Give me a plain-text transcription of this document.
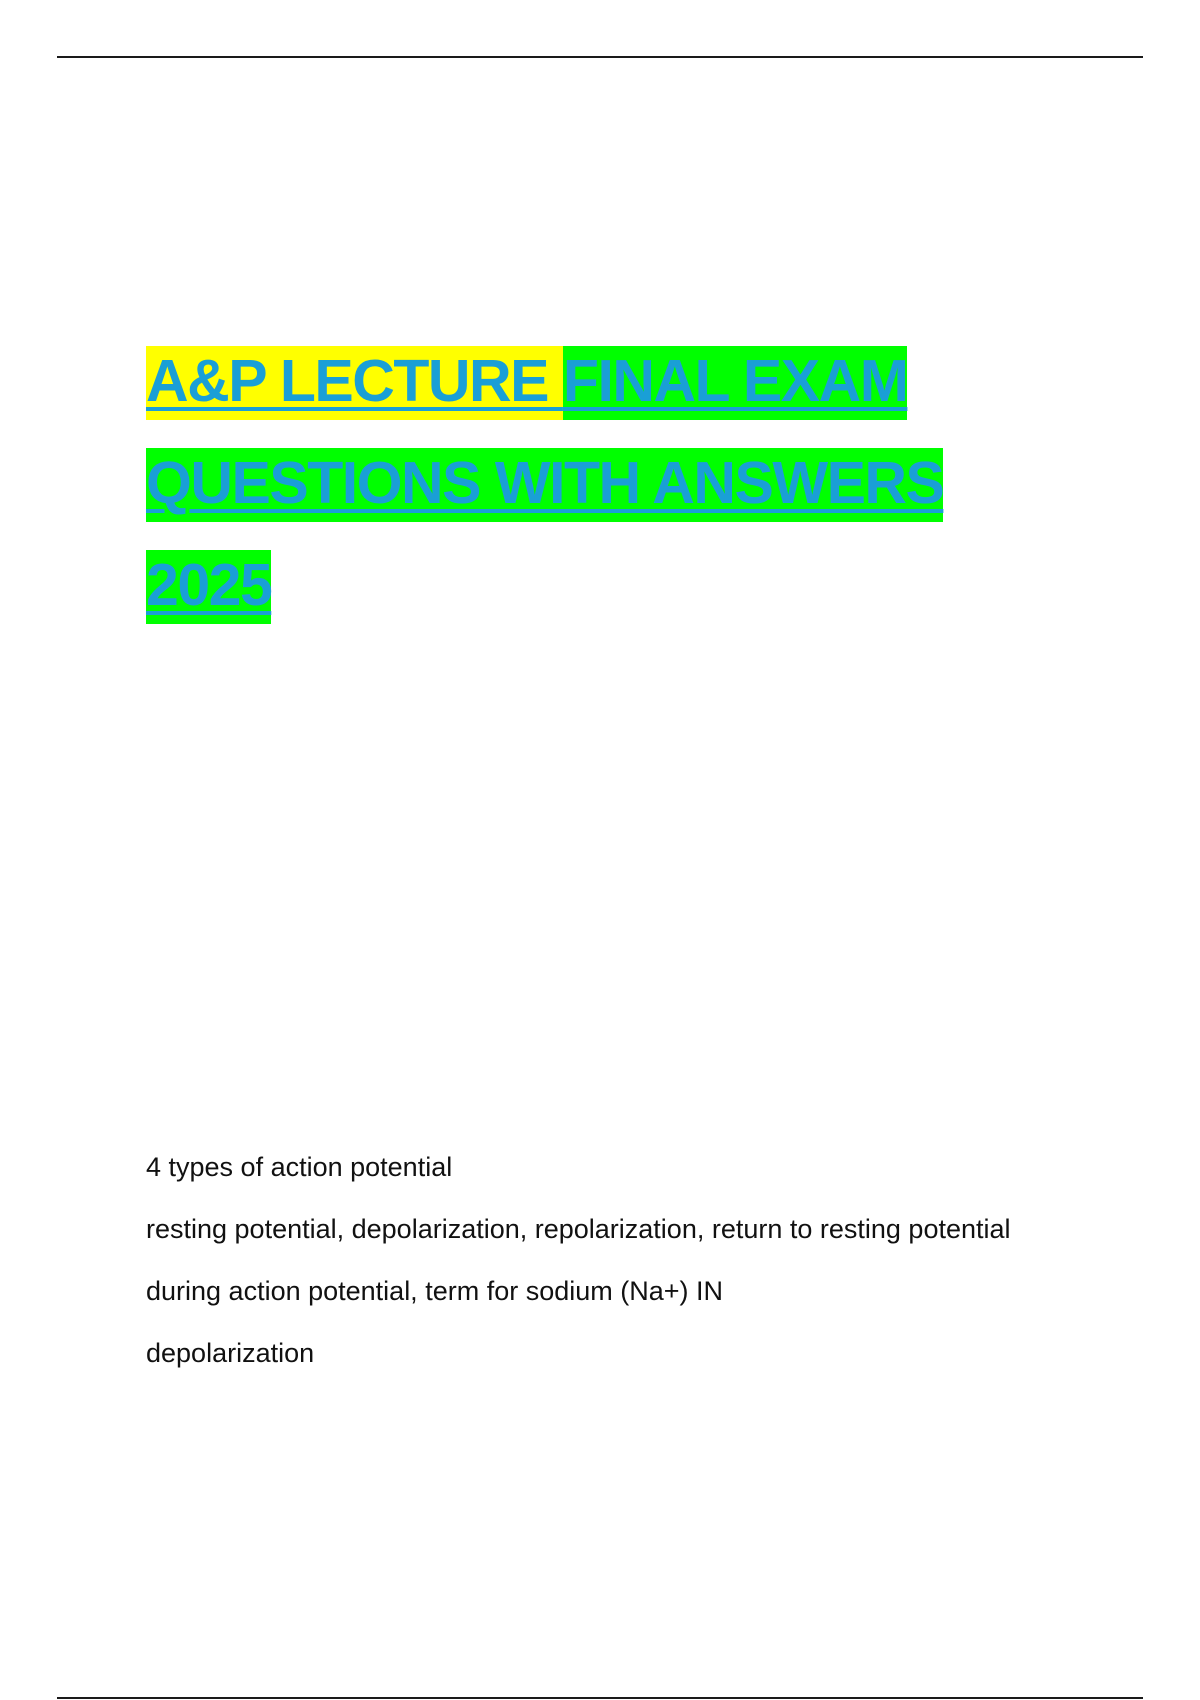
A&P LECTURE FINAL EXAM
QUESTIONS WITH ANSWERS
2025

4 types of action potential

resting potential, depolarization, repolarization, return to resting potential

during action potential, term for sodium (Na+) IN

depolarization
